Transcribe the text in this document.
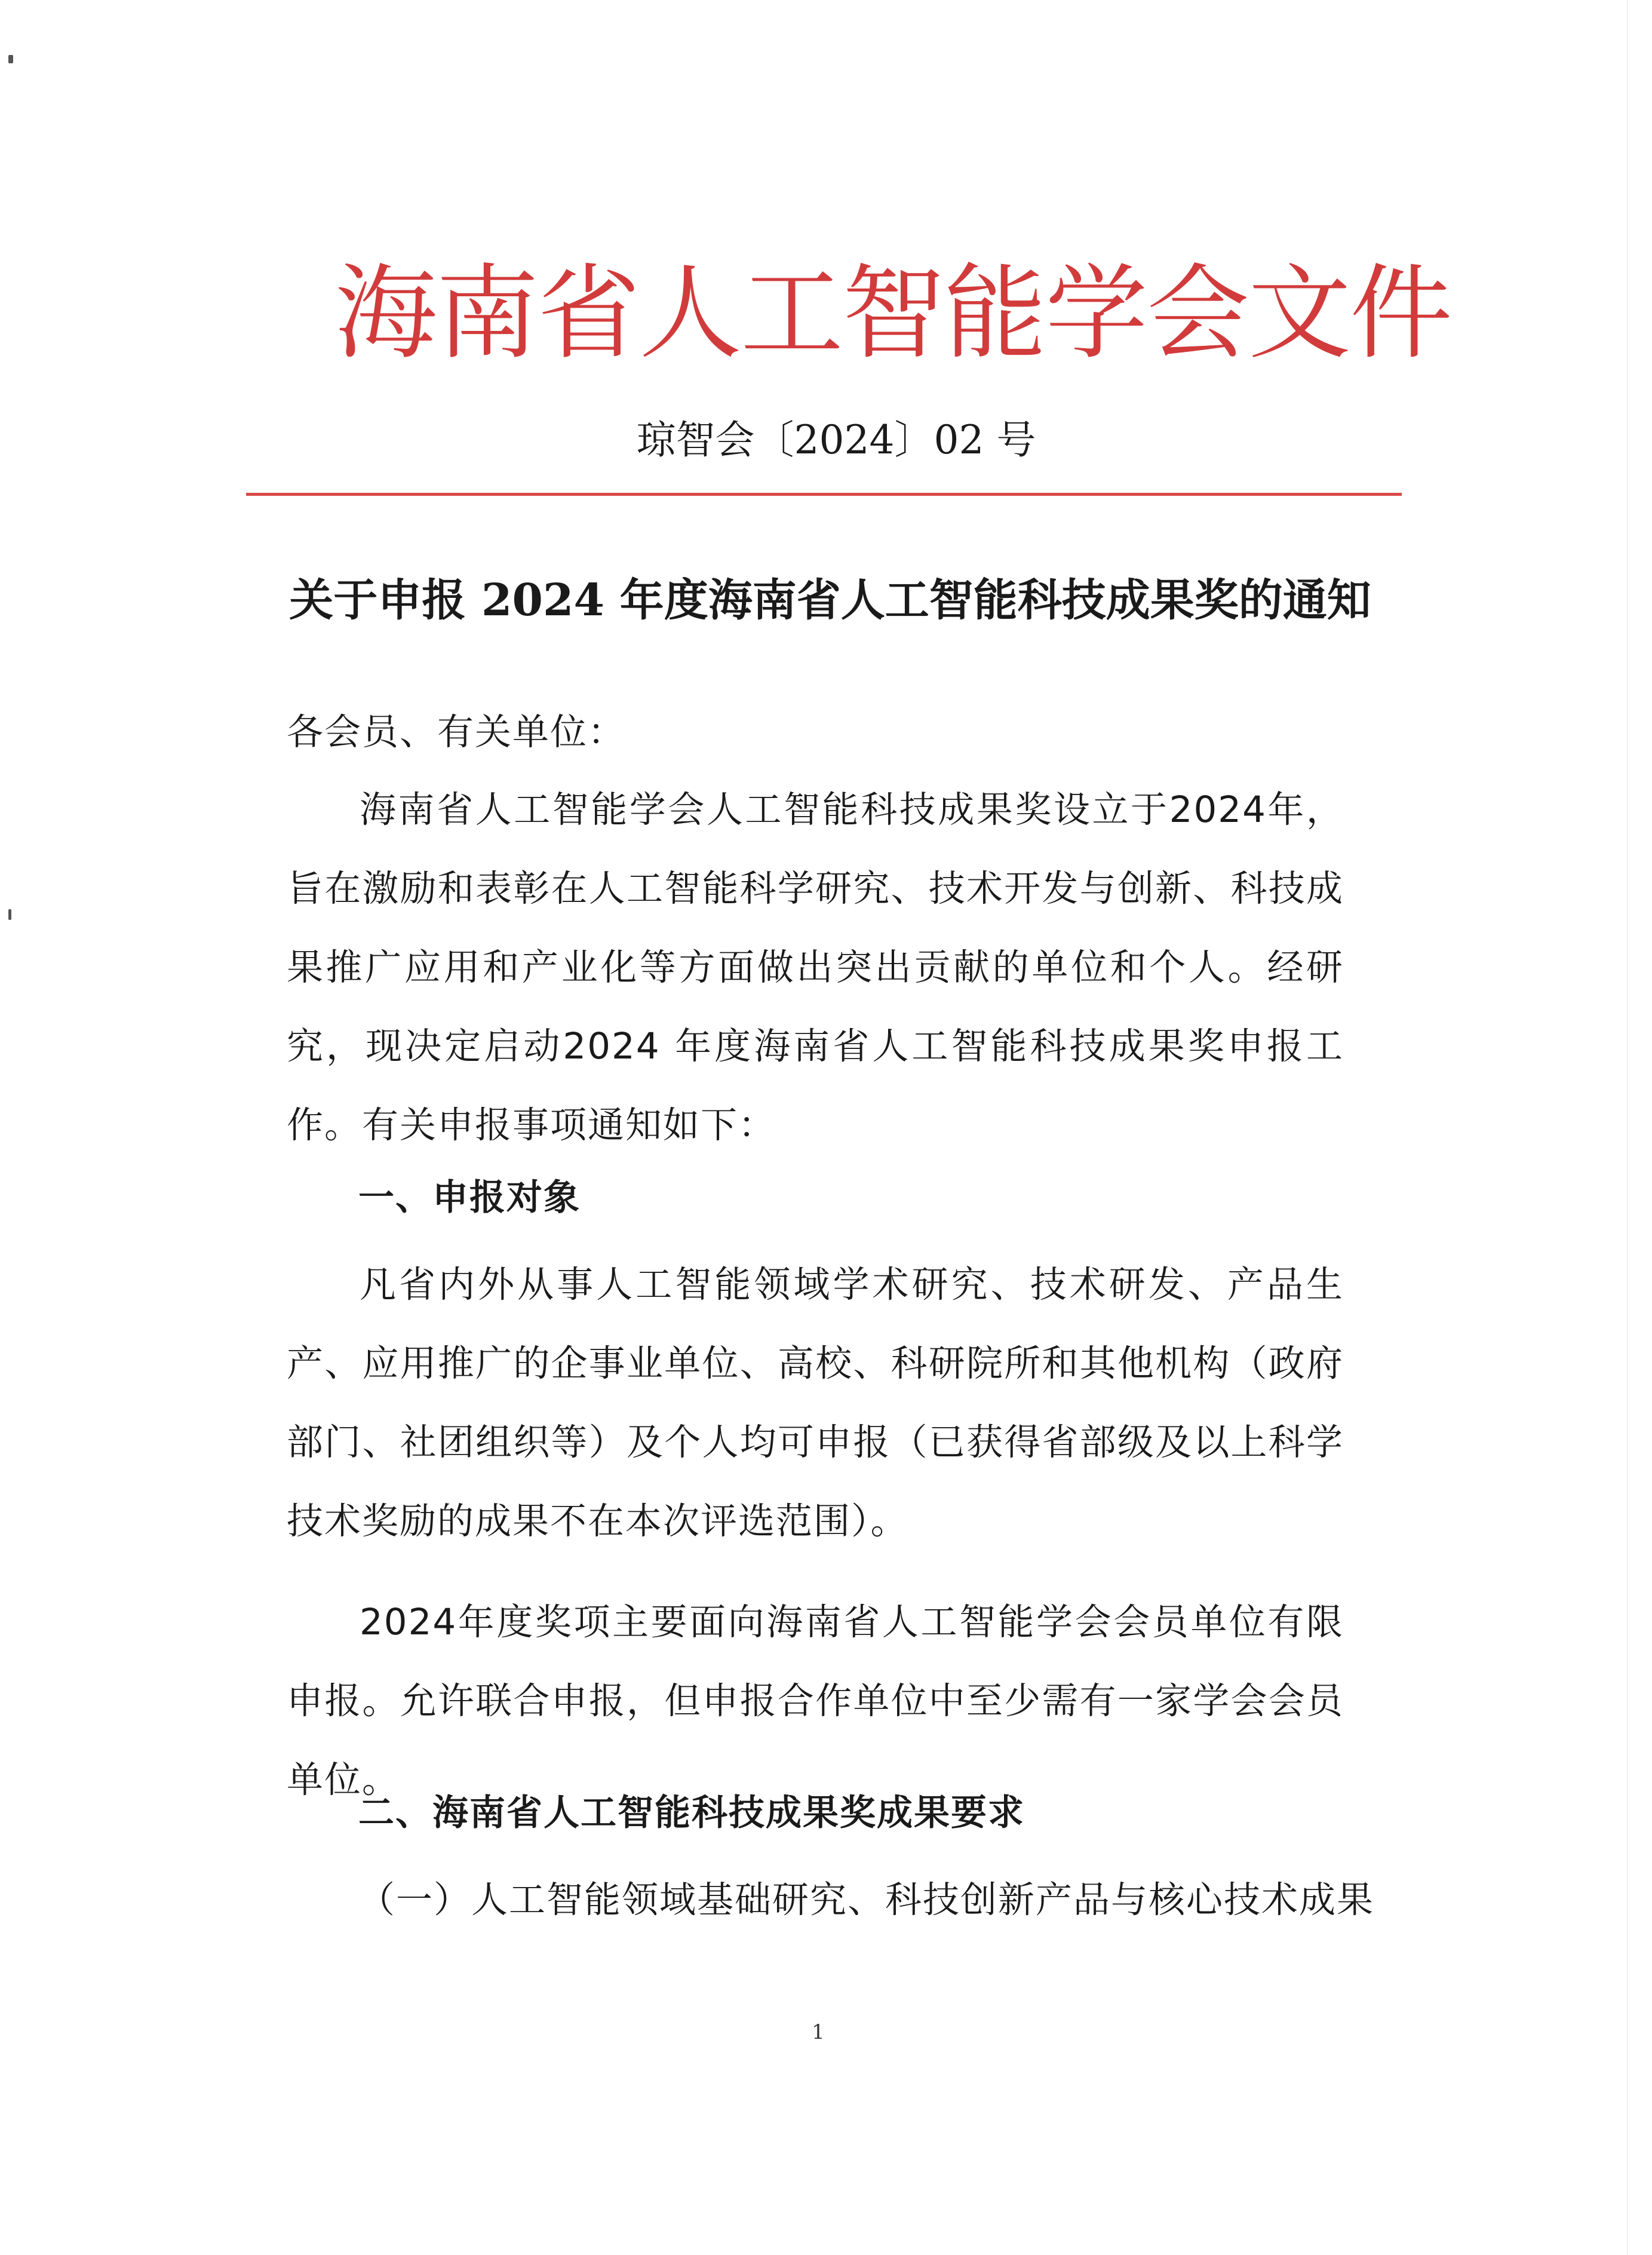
海南省人工智能学会文件
琼智会〔2024〕02 号
关于申报 2024 年度海南省人工智能科技成果奖的通知
各会员、有关单位：
海南省人工智能学会人工智能科技成果奖设立于2024年，旨在激励和表彰在人工智能科学研究、技术开发与创新、科技成果推广应用和产业化等方面做出突出贡献的单位和个人。经研究，现决定启动2024 年度海南省人工智能科技成果奖申报工作。有关申报事项通知如下：
一、申报对象
凡省内外从事人工智能领域学术研究、技术研发、产品生产、应用推广的企事业单位、高校、科研院所和其他机构（政府部门、社团组织等）及个人均可申报（已获得省部级及以上科学技术奖励的成果不在本次评选范围）。
2024年度奖项主要面向海南省人工智能学会会员单位有限申报。允许联合申报，但申报合作单位中至少需有一家学会会员单位。
二、海南省人工智能科技成果奖成果要求
（一）人工智能领域基础研究、科技创新产品与核心技术成果
1
